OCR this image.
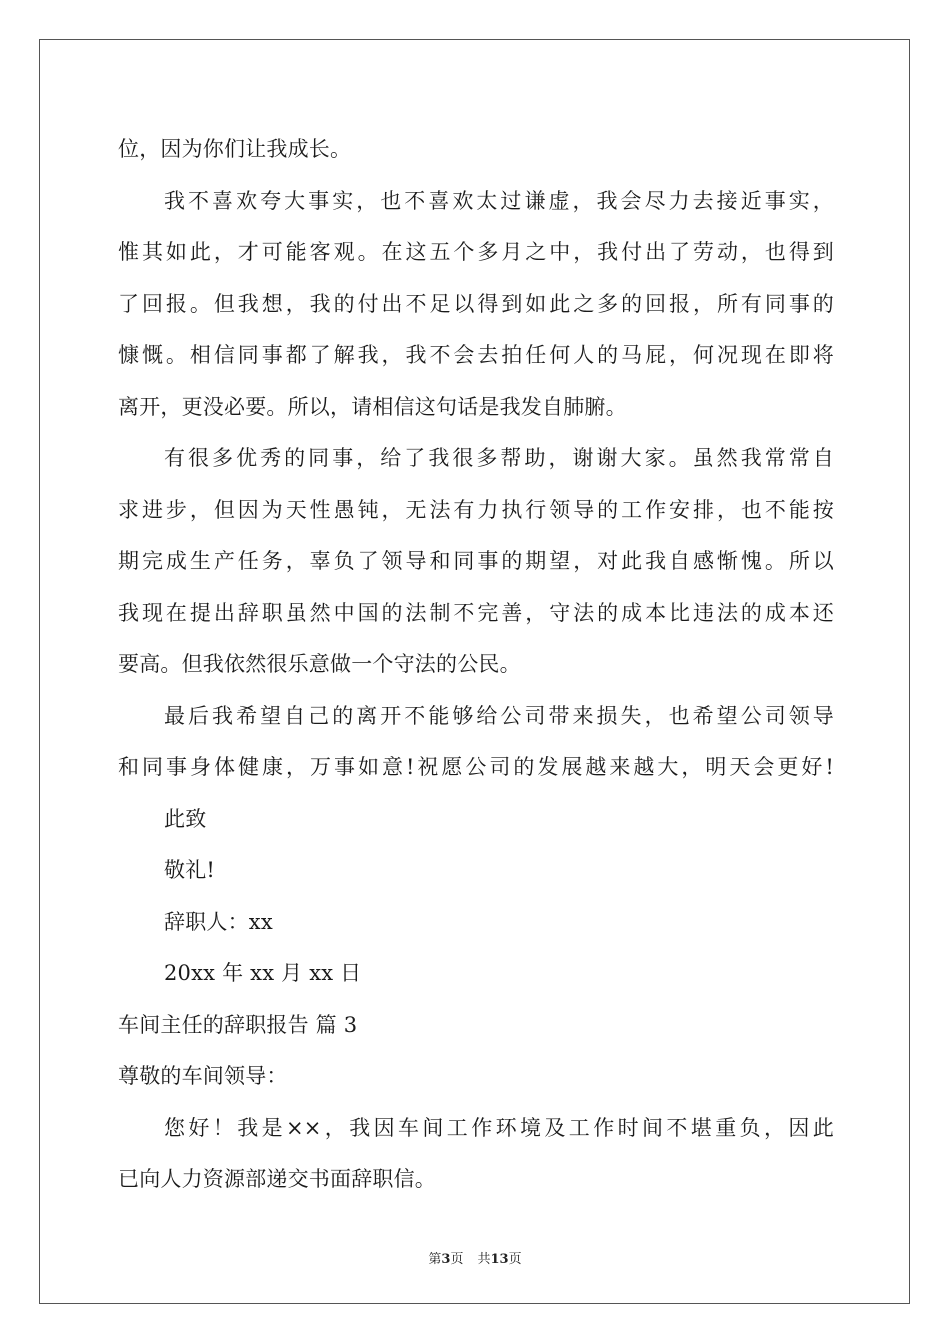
位，因为你们让我成长。
我不喜欢夸大事实，也不喜欢太过谦虚，我会尽力去接近事实，
惟其如此，才可能客观。在这五个多月之中，我付出了劳动，也得到
了回报。但我想，我的付出不足以得到如此之多的回报，所有同事的
慷慨。相信同事都了解我，我不会去拍任何人的马屁，何况现在即将
离开，更没必要。所以，请相信这句话是我发自肺腑。
有很多优秀的同事，给了我很多帮助，谢谢大家。虽然我常常自
求进步，但因为天性愚钝，无法有力执行领导的工作安排，也不能按
期完成生产任务，辜负了领导和同事的期望，对此我自感惭愧。所以
我现在提出辞职虽然中国的法制不完善，守法的成本比违法的成本还
要高。但我依然很乐意做一个守法的公民。
最后我希望自己的离开不能够给公司带来损失，也希望公司领导
和同事身体健康，万事如意!祝愿公司的发展越来越大，明天会更好!
此致
敬礼!
辞职人：xx
20xx 年 xx 月 xx 日
车间主任的辞职报告 篇 3
尊敬的车间领导：
您好！我是××，我因车间工作环境及工作时间不堪重负，因此
已向人力资源部递交书面辞职信。
第3页 共13页
